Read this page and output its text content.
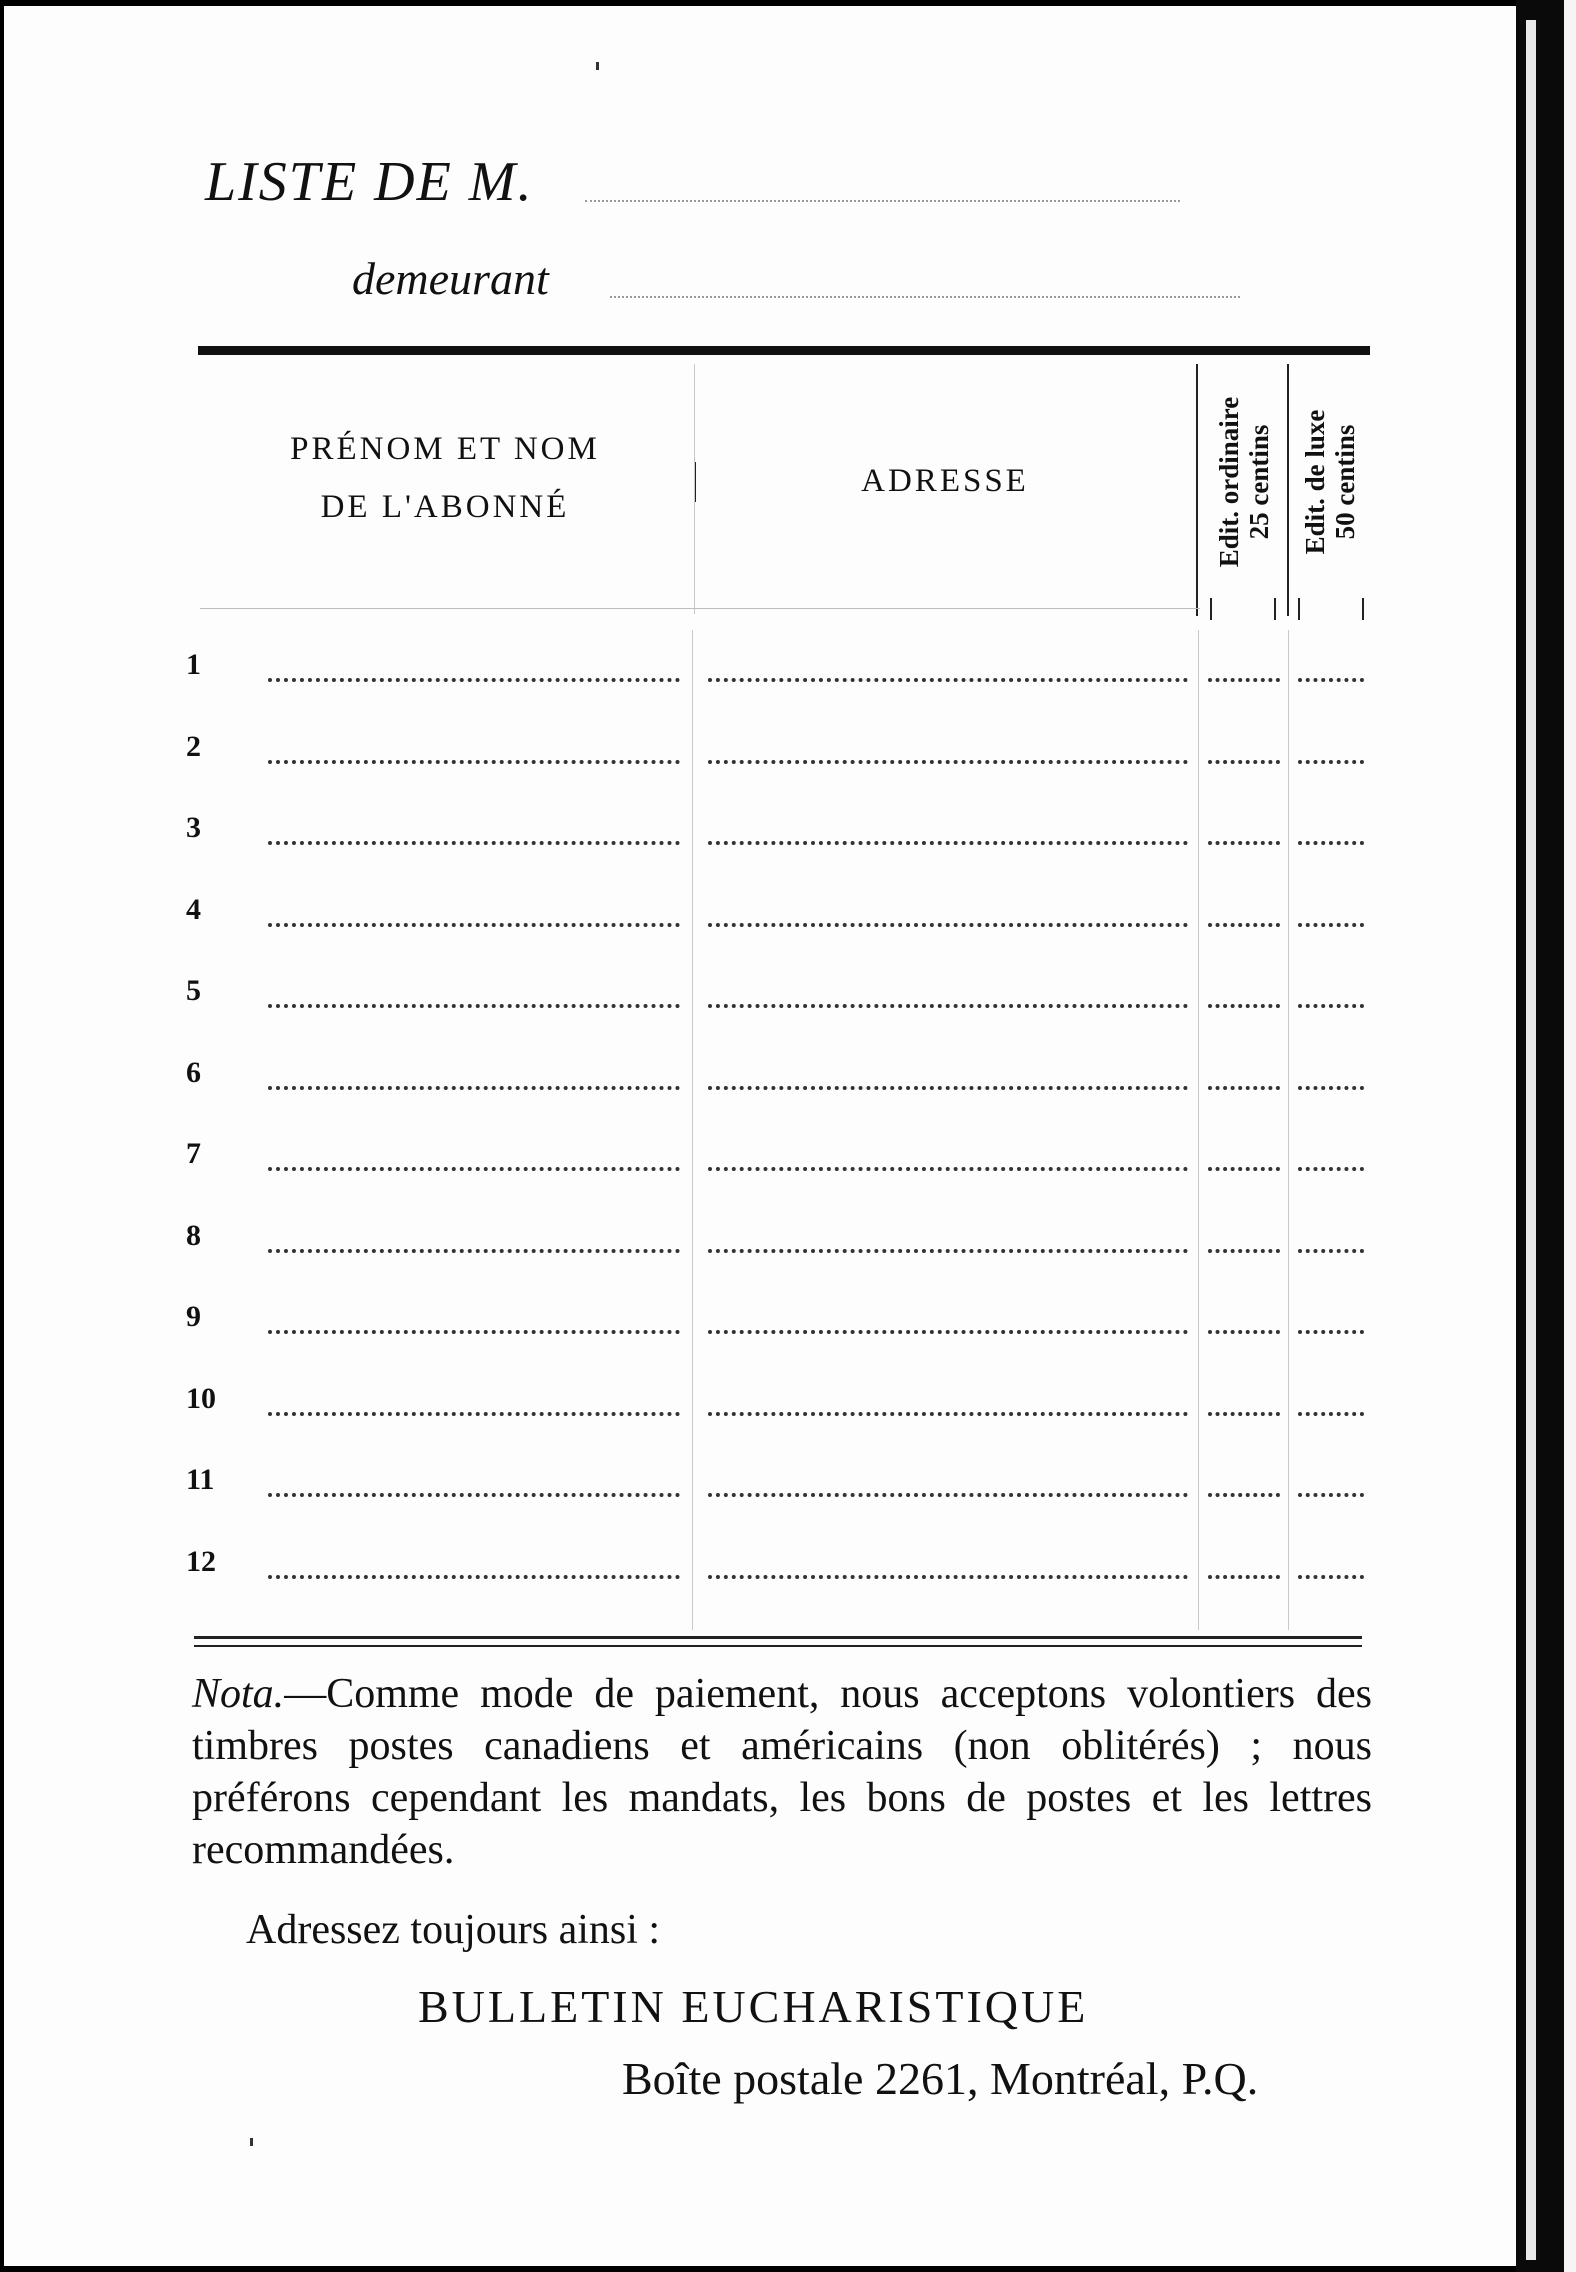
LISTE DE M.
demeurant
PRÉNOM ET NOM
DE L'ABONNÉ
ADRESSE	Edit. ordinaire 25 centins Edit. de luxe 50 centins
1
2
3
4
5
6
7
8
9
10
11
12
Nota.—Comme mode de paiement, nous acceptons volontiers des timbres postes canadiens et américains (non oblitérés) ; nous préférons cependant les mandats, les bons de postes et les lettres recommandées.
Adressez toujours ainsi :
BULLETIN EUCHARISTIQUE
Boîte postale 2261, Montréal, P.Q.
